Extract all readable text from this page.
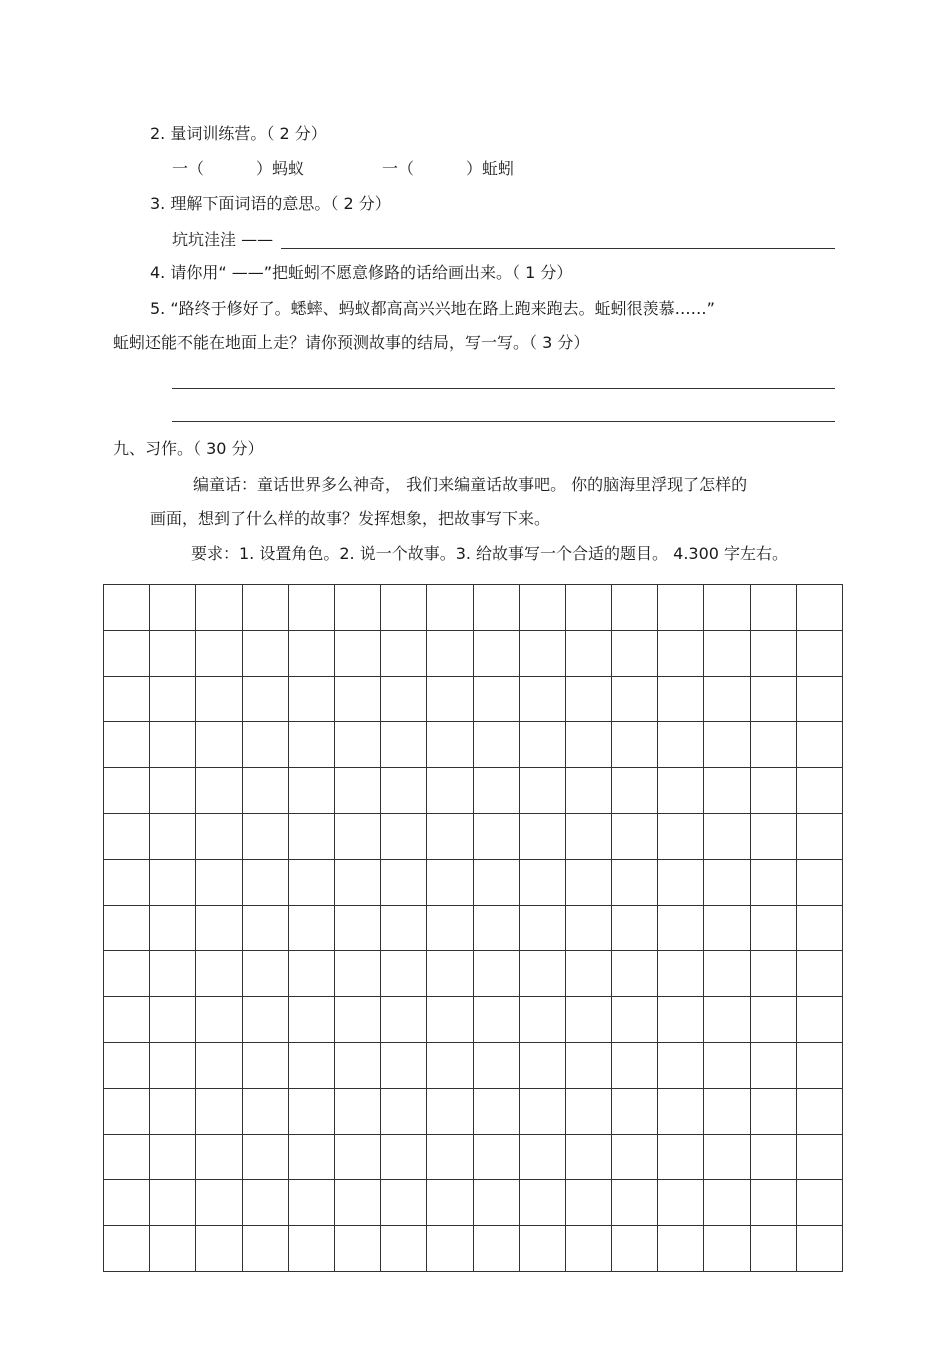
2. 量词训练营。（ 2 分）
一（	）蚂蚁	一（	）蚯蚓
3. 理解下面词语的意思。（ 2 分）
坑坑洼洼 ——
4. 请你用“ ——”把蚯蚓不愿意修路的话给画出来。（ 1 分）
5. “路终于修好了。蟋蟀、蚂蚁都高高兴兴地在路上跑来跑去。蚯蚓很羡慕……”
蚯蚓还能不能在地面上走？请你预测故事的结局，写一写。（ 3 分）
九、习作。（ 30 分）
编童话：童话世界多么神奇， 我们来编童话故事吧。 你的脑海里浮现了怎样的
画面，想到了什么样的故事？发挥想象，把故事写下来。
要求：1. 设置角色。2. 说一个故事。3. 给故事写一个合适的题目。 4.300 字左右。
